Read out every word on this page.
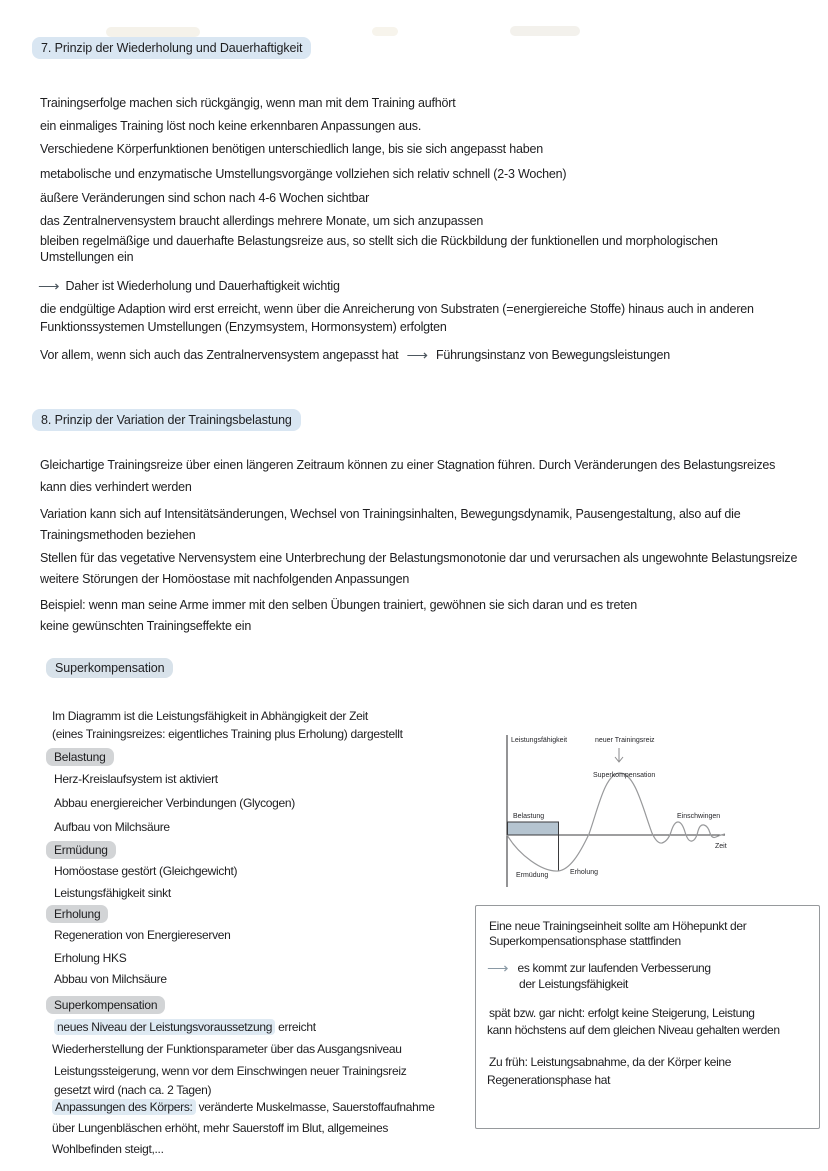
7. Prinzip der Wiederholung und Dauerhaftigkeit
Trainingserfolge machen sich rückgängig, wenn man mit dem Training aufhört
ein einmaliges Training löst noch keine erkennbaren Anpassungen aus.
Verschiedene Körperfunktionen benötigen unterschiedlich lange, bis sie sich angepasst haben
metabolische und enzymatische Umstellungsvorgänge vollziehen sich relativ schnell (2-3 Wochen)
äußere Veränderungen sind schon nach 4-6 Wochen sichtbar
das Zentralnervensystem braucht allerdings mehrere Monate, um sich anzupassen
bleiben regelmäßige und dauerhafte Belastungsreize aus, so stellt sich die Rückbildung der funktionellen und morphologischen
Umstellungen ein
⟶ Daher ist Wiederholung und Dauerhaftigkeit wichtig
die endgültige Adaption wird erst erreicht, wenn über die Anreicherung von Substraten (=energiereiche Stoffe) hinaus auch in anderen
Funktionssystemen Umstellungen (Enzymsystem, Hormonsystem) erfolgten
Vor allem, wenn sich auch das Zentralnervensystem angepasst hat ⟶ Führungsinstanz von Bewegungsleistungen
8. Prinzip der Variation der Trainingsbelastung
Gleichartige Trainingsreize über einen längeren Zeitraum können zu einer Stagnation führen. Durch Veränderungen des Belastungsreizes
kann dies verhindert werden
Variation kann sich auf Intensitätsänderungen, Wechsel von Trainingsinhalten, Bewegungsdynamik, Pausengestaltung, also auf die
Trainingsmethoden beziehen
Stellen für das vegetative Nervensystem eine Unterbrechung der Belastungsmonotonie dar und verursachen als ungewohnte Belastungsreize
weitere Störungen der Homöostase mit nachfolgenden Anpassungen
Beispiel: wenn man seine Arme immer mit den selben Übungen trainiert, gewöhnen sie sich daran und es treten
keine gewünschten Trainingseffekte ein
Superkompensation
Im Diagramm ist die Leistungsfähigkeit in Abhängigkeit der Zeit
(eines Trainingsreizes: eigentliches Training plus Erholung) dargestellt
Belastung
Herz-Kreislaufsystem ist aktiviert
Abbau energiereicher Verbindungen (Glycogen)
Aufbau von Milchsäure
Ermüdung
Homöostase gestört (Gleichgewicht)
Leistungsfähigkeit sinkt
Erholung
Regeneration von Energiereserven
Erholung HKS
Abbau von Milchsäure
Superkompensation
neues Niveau der Leistungsvoraussetzung erreicht
Wiederherstellung der Funktionsparameter über das Ausgangsniveau
Leistungssteigerung, wenn vor dem Einschwingen neuer Trainingsreiz
gesetzt wird (nach ca. 2 Tagen)
Anpassungen des Körpers: veränderte Muskelmasse, Sauerstoffaufnahme
über Lungenbläschen erhöht, mehr Sauerstoff im Blut, allgemeines
Wohlbefinden steigt,...
Leistungsfähigkeit	neuer Trainingsreiz
Superkompensation
Belastung	Einschwingen
Zeit
Ermüdung	Erholung
Eine neue Trainingseinheit sollte am Höhepunkt der
Superkompensationsphase stattfinden
⟶ es kommt zur laufenden Verbesserung
der Leistungsfähigkeit
spät bzw. gar nicht: erfolgt keine Steigerung, Leistung
kann höchstens auf dem gleichen Niveau gehalten werden
Zu früh: Leistungsabnahme, da der Körper keine
Regenerationsphase hat
